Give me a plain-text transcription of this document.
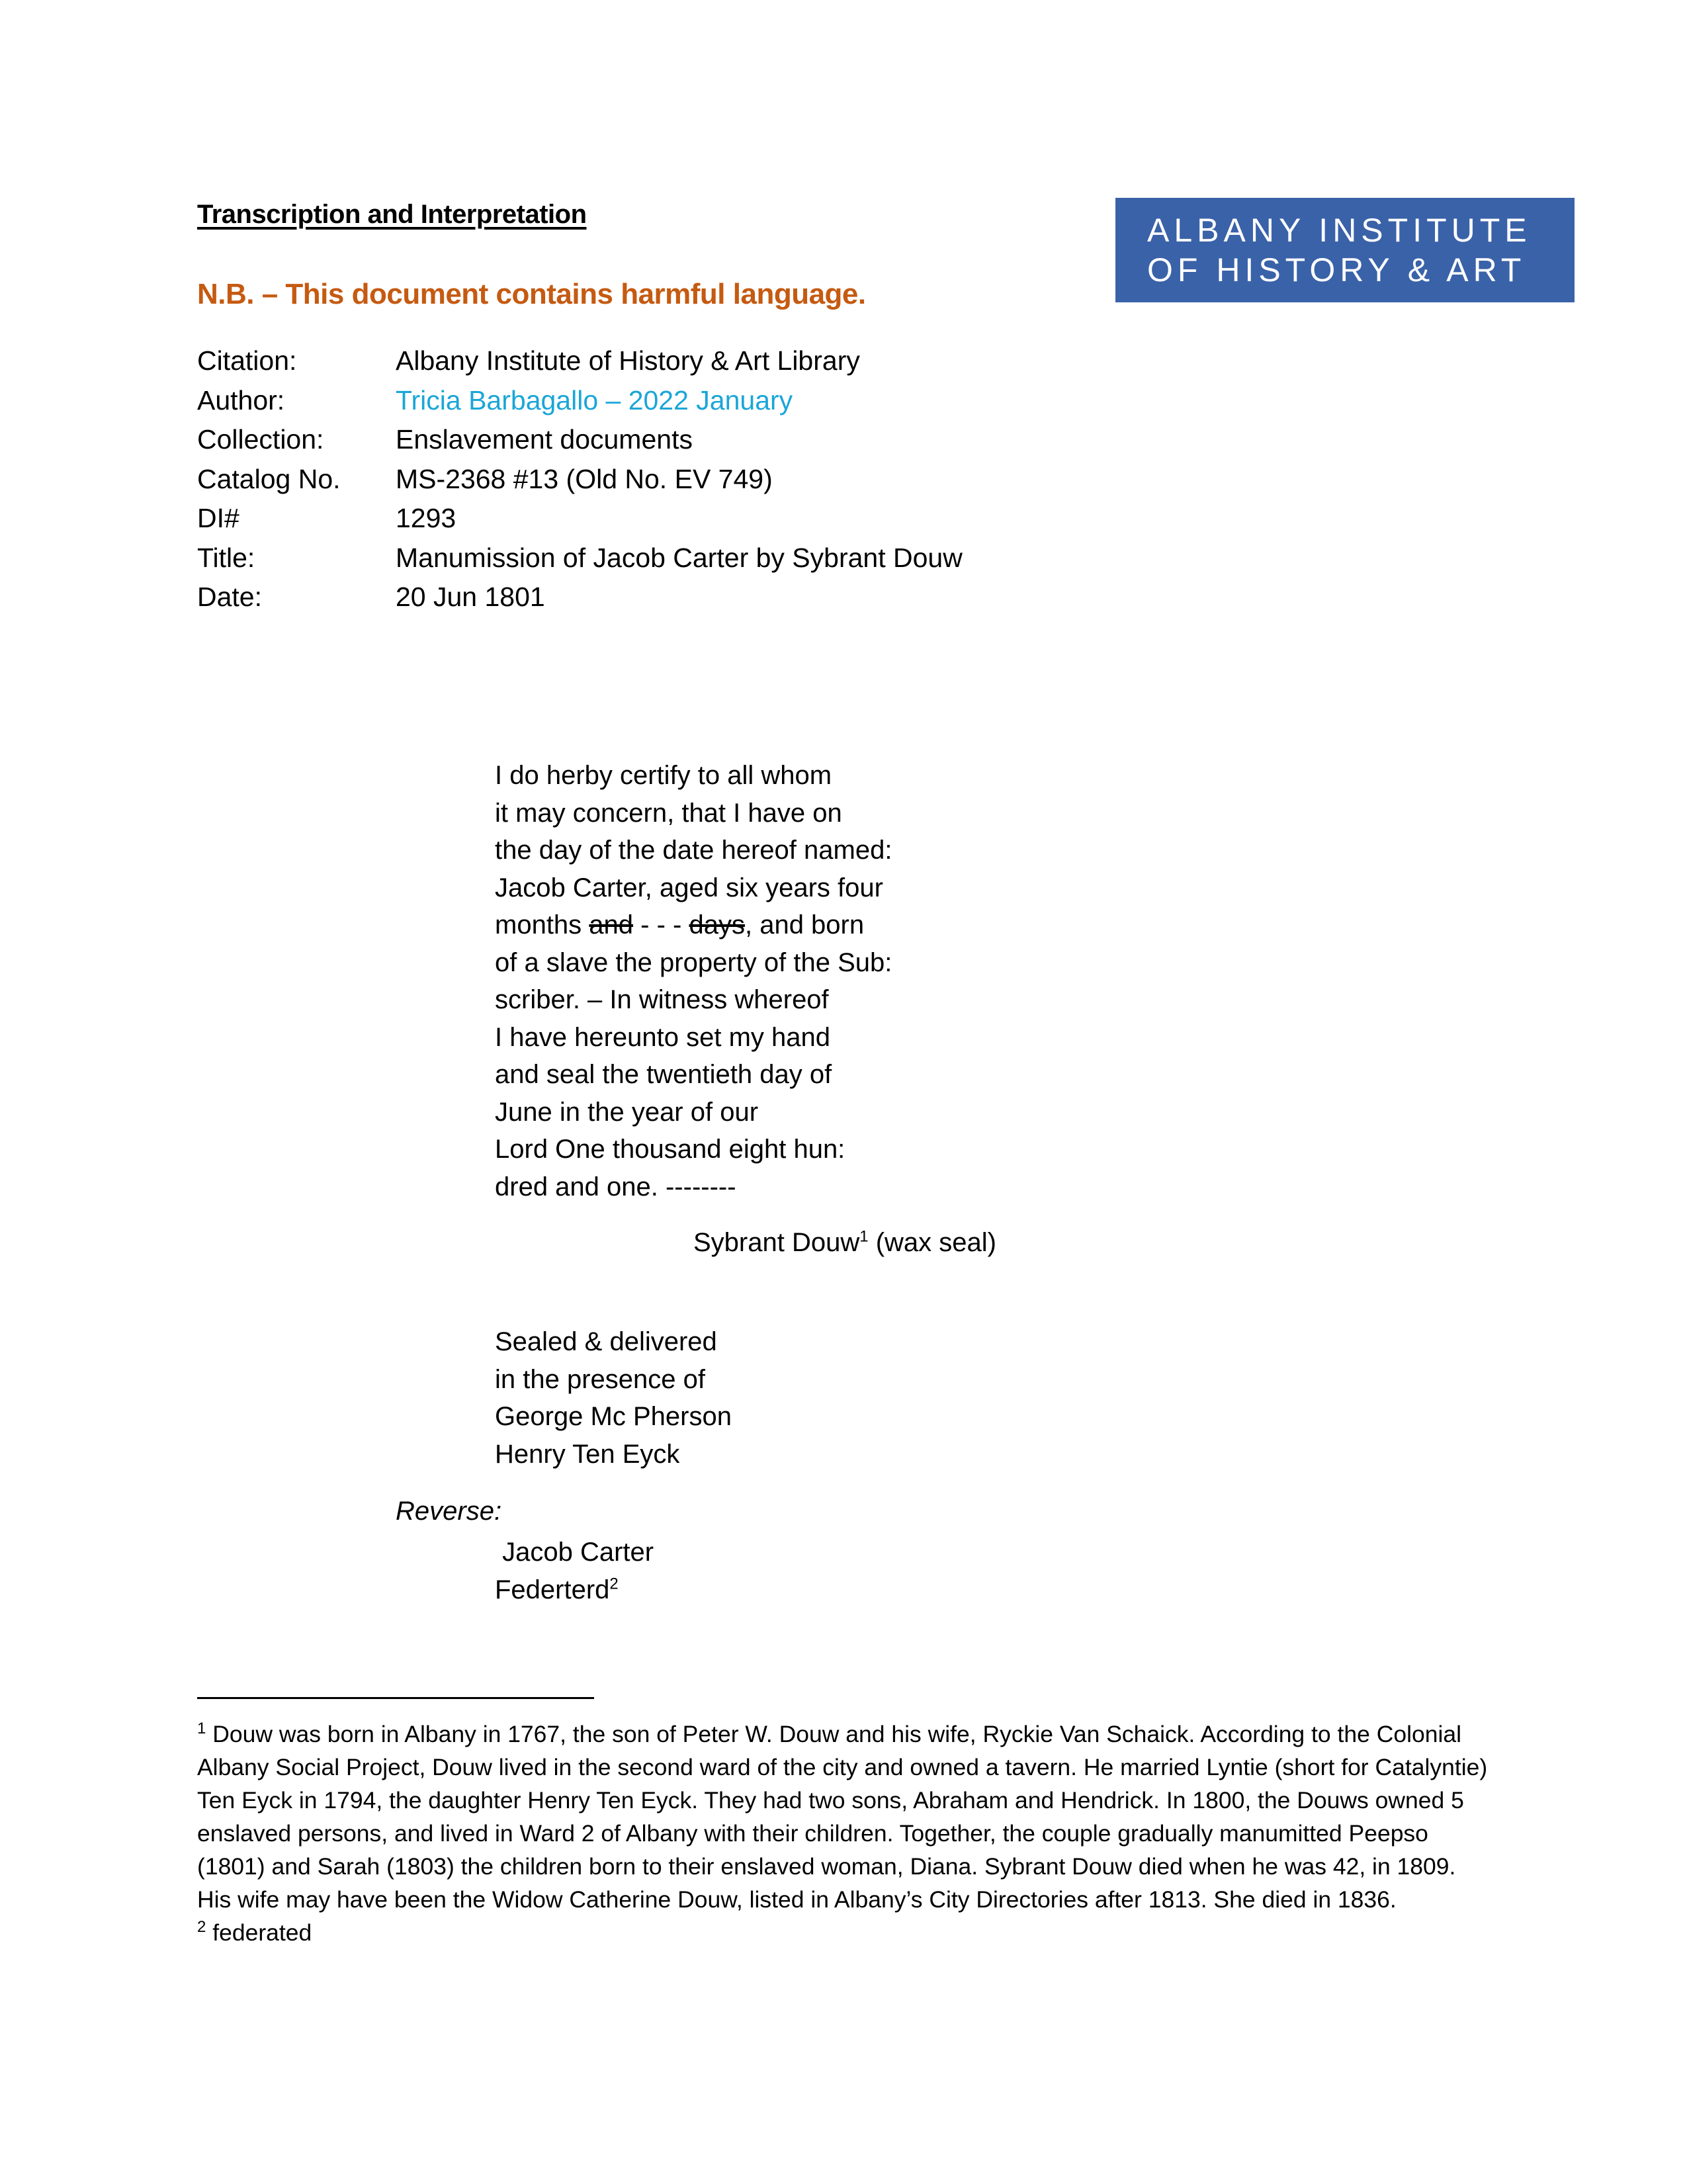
Transcription and Interpretation
N.B. – This document contains harmful language.
ALBANY INSTITUTE
OF HISTORY & ART
Citation:	Albany Institute of History & Art Library
Author:	Tricia Barbagallo – 2022 January
Collection:	Enslavement documents
Catalog No.	MS-2368 #13 (Old No. EV 749)
DI#	1293
Title:	Manumission of Jacob Carter by Sybrant Douw
Date:	20 Jun 1801
I do herby certify to all whom
it may concern, that I have on
the day of the date hereof named:
Jacob Carter, aged six years four
months and - - - days, and born
of a slave the property of the Sub:
scriber. – In witness whereof
I have hereunto set my hand
and seal the twentieth day of
June in the year of our
Lord One thousand eight hun:
dred and one. --------
Sybrant Douw$^1$ (wax seal)
Sealed & delivered
in the presence of
George Mc Pherson
Henry Ten Eyck
Reverse:
Jacob Carter
Federterd$^2$

$^1$ Douw was born in Albany in 1767, the son of Peter W. Douw and his wife, Ryckie Van Schaick. According to the Colonial Albany Social Project, Douw lived in the second ward of the city and owned a tavern. He married Lyntie (short for Catalyntie) Ten Eyck in 1794, the daughter Henry Ten Eyck. They had two sons, Abraham and Hendrick. In 1800, the Douws owned 5 enslaved persons, and lived in Ward 2 of Albany with their children. Together, the couple gradually manumitted Peepso (1801) and Sarah (1803) the children born to their enslaved woman, Diana. Sybrant Douw died when he was 42, in 1809. His wife may have been the Widow Catherine Douw, listed in Albany’s City Directories after 1813. She died in 1836.

$^2$ federated
